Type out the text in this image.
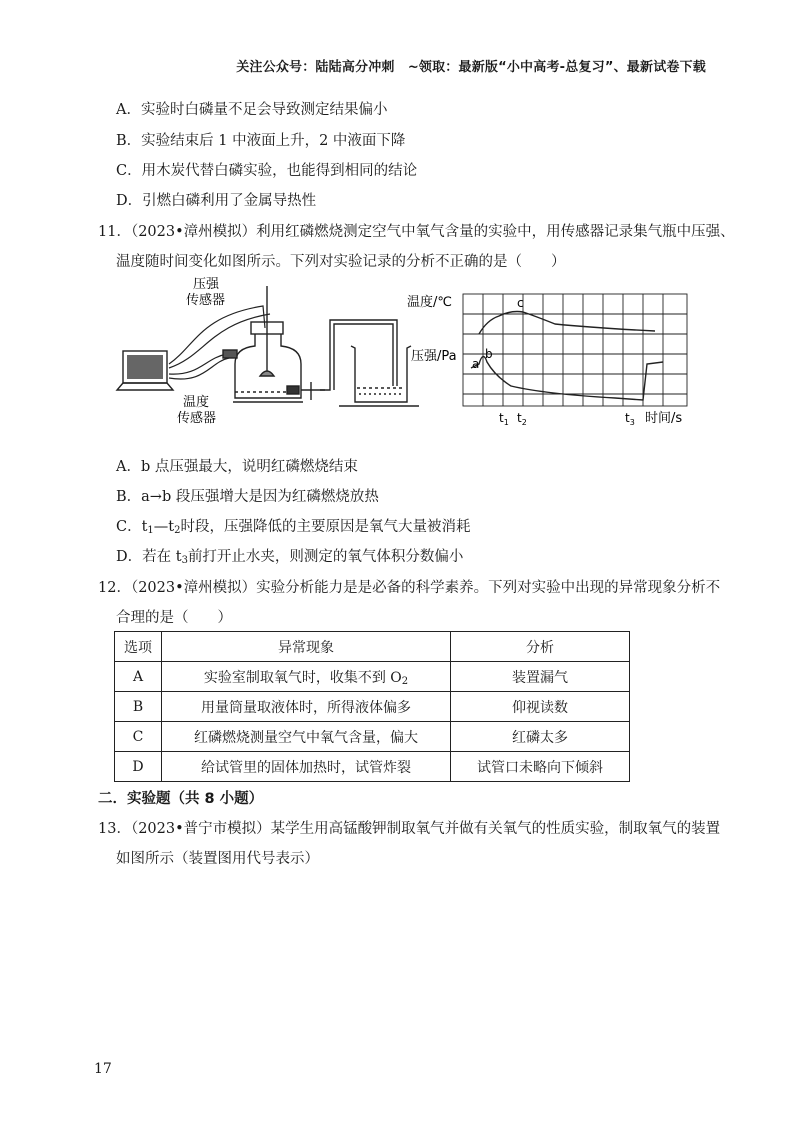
关注公众号：陆陆高分冲刺　~领取：最新版“小中高考-总复习”、最新试卷下载
A．实验时白磷量不足会导致测定结果偏小
B．实验结束后 1 中液面上升，2 中液面下降
C．用木炭代替白磷实验，也能得到相同的结论
D．引燃白磷利用了金属导热性
11．（2023•漳州模拟）利用红磷燃烧测定空气中氧气含量的实验中，用传感器记录集气瓶中压强、
温度随时间变化如图所示。下列对实验记录的分析不正确的是（　　）
压强
传感器
温度
传感器
温度/℃
压强/Pa a
b
c
$t_1$ $t_2$	$t_3$ 时间/s
A．b 点压强最大，说明红磷燃烧结束
B．a→b 段压强增大是因为红磷燃烧放热
C．$t_1—t_2$时段，压强降低的主要原因是氧气大量被消耗
D．若在 $t_3$前打开止水夹，则测定的氧气体积分数偏小
12．（2023•漳州模拟）实验分析能力是是必备的科学素养。下列对实验中出现的异常现象分析不
合理的是（　　）
选项	异常现象	分析
A	实验室制取氧气时，收集不到 $O_2$	装置漏气
B	用量筒量取液体时，所得液体偏多	仰视读数
C	红磷燃烧测量空气中氧气含量，偏大	红磷太多
D	给试管里的固体加热时，试管炸裂	试管口未略向下倾斜
二．实验题（共 8 小题）
13．（2023•普宁市模拟）某学生用高锰酸钾制取氧气并做有关氧气的性质实验，制取氧气的装置
如图所示（装置图用代号表示）
17
